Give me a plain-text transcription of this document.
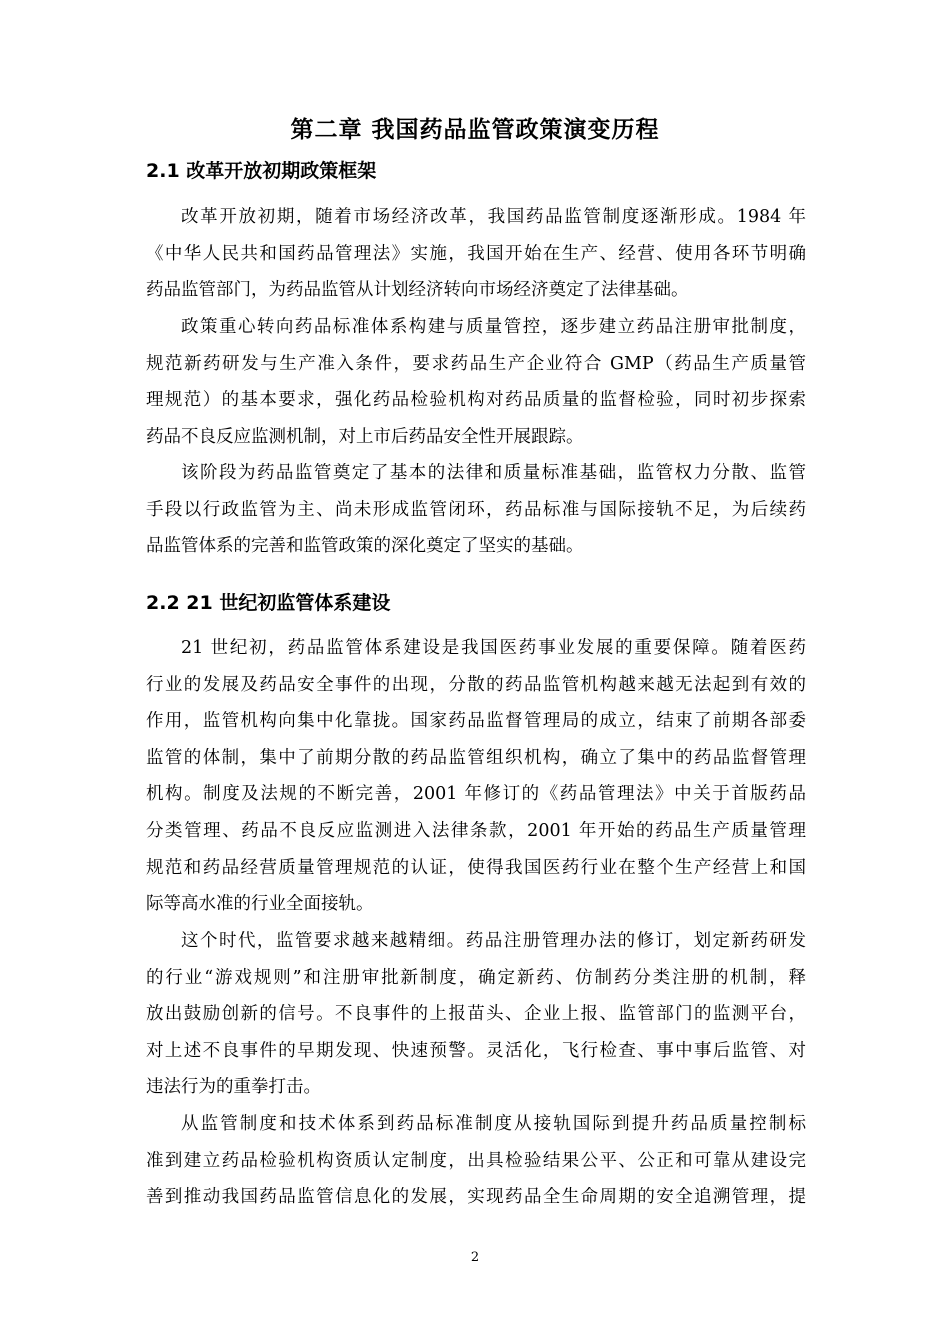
第二章 我国药品监管政策演变历程
2.1 改革开放初期政策框架
改革开放初期，随着市场经济改革，我国药品监管制度逐渐形成。1984 年
《中华人民共和国药品管理法》实施，我国开始在生产、经营、使用各环节明确
药品监管部门，为药品监管从计划经济转向市场经济奠定了法律基础。
政策重心转向药品标准体系构建与质量管控，逐步建立药品注册审批制度，
规范新药研发与生产准入条件，要求药品生产企业符合 GMP（药品生产质量管
理规范）的基本要求，强化药品检验机构对药品质量的监督检验，同时初步探索
药品不良反应监测机制，对上市后药品安全性开展跟踪。
该阶段为药品监管奠定了基本的法律和质量标准基础，监管权力分散、监管
手段以行政监管为主、尚未形成监管闭环，药品标准与国际接轨不足，为后续药
品监管体系的完善和监管政策的深化奠定了坚实的基础。
2.2 21 世纪初监管体系建设
21 世纪初，药品监管体系建设是我国医药事业发展的重要保障。随着医药
行业的发展及药品安全事件的出现，分散的药品监管机构越来越无法起到有效的
作用，监管机构向集中化靠拢。国家药品监督管理局的成立，结束了前期各部委
监管的体制，集中了前期分散的药品监管组织机构，确立了集中的药品监督管理
机构。制度及法规的不断完善，2001 年修订的《药品管理法》中关于首版药品
分类管理、药品不良反应监测进入法律条款，2001 年开始的药品生产质量管理
规范和药品经营质量管理规范的认证，使得我国医药行业在整个生产经营上和国
际等高水准的行业全面接轨。
这个时代，监管要求越来越精细。药品注册管理办法的修订，划定新药研发
的行业“游戏规则”和注册审批新制度，确定新药、仿制药分类注册的机制，释
放出鼓励创新的信号。不良事件的上报苗头、企业上报、监管部门的监测平台，
对上述不良事件的早期发现、快速预警。灵活化，飞行检查、事中事后监管、对
违法行为的重拳打击。
从监管制度和技术体系到药品标准制度从接轨国际到提升药品质量控制标
准到建立药品检验机构资质认定制度，出具检验结果公平、公正和可靠从建设完
善到推动我国药品监管信息化的发展，实现药品全生命周期的安全追溯管理，提
2
